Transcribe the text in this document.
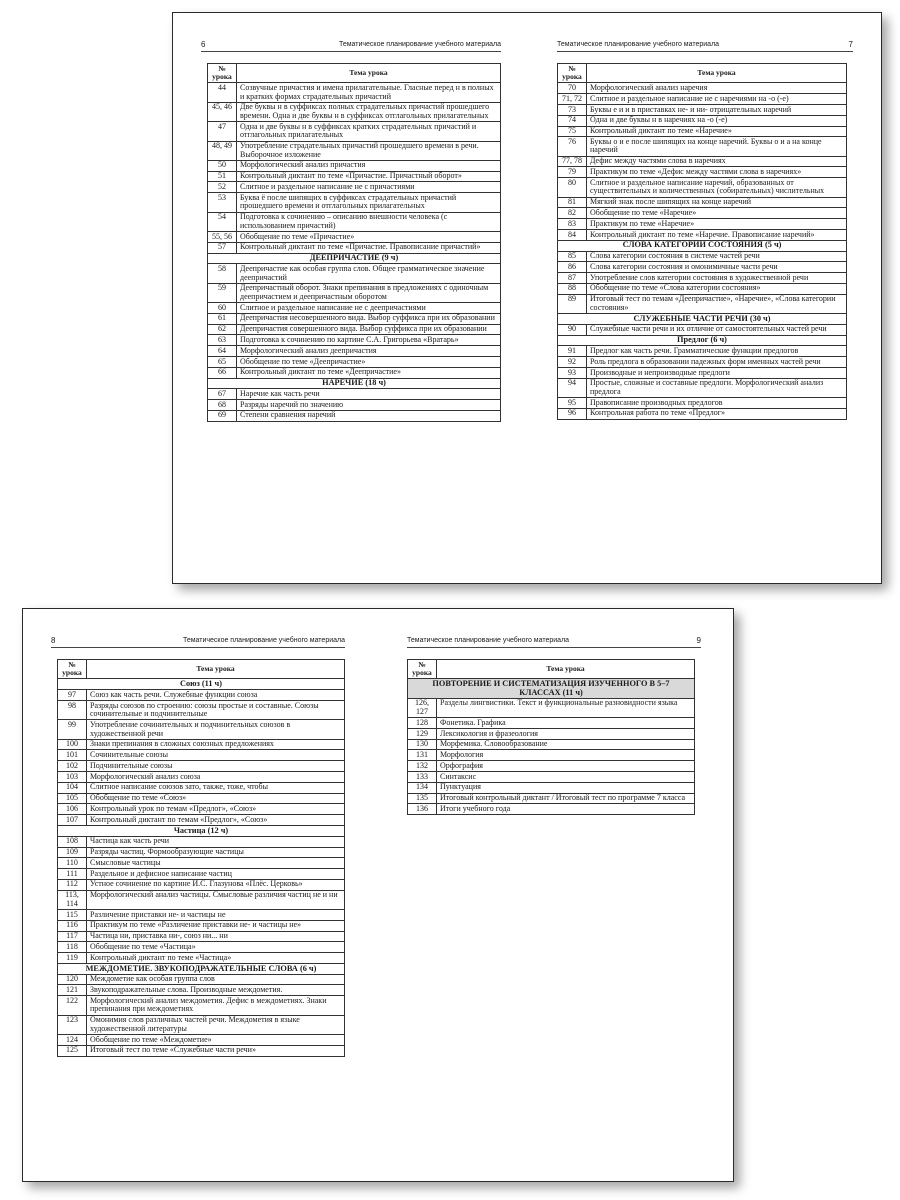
6	Тематическое планирование учебного материала
№ урока	Тема урока
44	Созвучные причастия и имена прилагательные. Гласные перед н в полных и кратких формах страдательных причастий
45, 46	Две буквы н в суффиксах полных страдательных причастий прошедшего времени. Одна и две буквы н в суффиксах отглагольных прилагательных
47	Одна и две буквы н в суффиксах кратких страдательных причастий и отглагольных прилагательных
48, 49	Употребление страдательных причастий прошедшего времени в речи. Выборочное изложение
50	Морфологический анализ причастия
51	Контрольный диктант по теме «Причастие. Причастный оборот»
52	Слитное и раздельное написание не с причастиями
53	Буква ё после шипящих в суффиксах страдательных причастий прошедшего времени и отглагольных прилагательных
54	Подготовка к сочинению – описанию внешности человека (с использованием причастий)
55, 56	Обобщение по теме «Причастие»
57	Контрольный диктант по теме «Причастие. Правописание причастий»
ДЕЕПРИЧАСТИЕ (9 ч)	
58	Деепричастие как особая группа слов. Общее грамматическое значение деепричастий
59	Деепричастный оборот. Знаки препинания в предложениях с одиночным деепричастием и деепричастным оборотом
60	Слитное и раздельное написание не с деепричастиями
61	Деепричастия несовершенного вида. Выбор суффикса при их образовании
62	Деепричастия совершенного вида. Выбор суффикса при их образовании
63	Подготовка к сочинению по картине С.А. Григорьева «Вратарь»
64	Морфологический анализ деепричастия
65	Обобщение по теме «Деепричастие»
66	Контрольный диктант по теме «Деепричастие»
НАРЕЧИЕ (18 ч)	
67	Наречие как часть речи
68	Разряды наречий по значению
69	Степени сравнения наречий
7
Тематическое планирование учебного материала
№ урока	Тема урока
70	Морфологический анализ наречия
71, 72	Слитное и раздельное написание не с наречиями на -о (-е)
73	Буквы е и и в приставках не- и ни- отрицательных наречий
74	Одна и две буквы н в наречиях на -о (-е)
75	Контрольный диктант по теме «Наречие»
76	Буквы о и е после шипящих на конце наречий. Буквы о и а на конце наречий
77, 78	Дефис между частями слова в наречиях
79	Практикум по теме «Дефис между частями слова в наречиях»
80	Слитное и раздельное написание наречий, образованных от существительных и количественных (собирательных) числительных
81	Мягкий знак после шипящих на конце наречий
82	Обобщение по теме «Наречие»
83	Практикум по теме «Наречие»
84	Контрольный диктант по теме «Наречие. Правописание наречий»
СЛОВА КАТЕГОРИИ СОСТОЯНИЯ (5 ч)	
85	Слова категории состояния в системе частей речи
86	Слова категории состояния и омонимичные части речи
87	Употребление слов категории состояния в художественной речи
88	Обобщение по теме «Слова категории состояния»
89	Итоговый тест по темам «Деепричастие», «Наречие», «Слова категории состояния»
СЛУЖЕБНЫЕ ЧАСТИ РЕЧИ (30 ч)	
90	Служебные части речи и их отличие от самостоятельных частей речи
Предлог (6 ч)	
91	Предлог как часть речи. Грамматические функции предлогов
92	Роль предлога в образовании падежных форм именных частей речи
93	Производные и непроизводные предлоги
94	Простые, сложные и составные предлоги. Морфологический анализ предлога
95	Правописание производных предлогов
96	Контрольная работа по теме «Предлог»
8	Тематическое планирование учебного материала
№ урока	Тема урока
Союз (11 ч)	
97	Союз как часть речи. Служебные функции союза
98	Разряды союзов по строению: союзы простые и составные. Союзы сочинительные и подчинительные
99	Употребление сочинительных и подчинительных союзов в художественной речи
100	Знаки препинания в сложных союзных предложениях
101	Сочинительные союзы
102	Подчинительные союзы
103	Морфологический анализ союза
104	Слитное написание союзов зато, также, тоже, чтобы
105	Обобщение по теме «Союз»
106	Контрольный урок по темам «Предлог», «Союз»
107	Контрольный диктант по темам «Предлог», «Союз»
Частица (12 ч)	
108	Частица как часть речи
109	Разряды частиц. Формообразующие частицы
110	Смысловые частицы
111	Раздельное и дефисное написание частиц
112	Устное сочинение по картине И.С. Глазунова «Плёс. Церковь»
113, 114	Морфологический анализ частицы. Смысловые различия частиц не и ни
115	Различение приставки не- и частицы не
116	Практикум по теме «Различение приставки не- и частицы не»
117	Частица ни, приставка ни-, союз ни... ни
118	Обобщение по теме «Частица»
119	Контрольный диктант по теме «Частица»
МЕЖДОМЕТИЕ. ЗВУКОПОДРАЖАТЕЛЬНЫЕ СЛОВА (6 ч)	
120	Междометие как особая группа слов
121	Звукоподражательные слова. Производные междометия.
122	Морфологический анализ междометия. Дефис в междометиях. Знаки препинания при междометиях
123	Омонимия слов различных частей речи. Междометия в языке художественной литературы
124	Обобщение по теме «Междометие»
125	Итоговый тест по теме «Служебные части речи»
9
Тематическое планирование учебного материала
№ урока	Тема урока
ПОВТОРЕНИЕ И СИСТЕМАТИЗАЦИЯ ИЗУЧЕННОГО В 5–7 КЛАССАХ (11 ч)	
126, 127	Разделы лингвистики. Текст и функциональные разновидности языка
128	Фонетика. Графика
129	Лексикология и фразеология
130	Морфемика. Словообразование
131	Морфология
132	Орфография
133	Синтаксис
134	Пунктуация
135	Итоговый контрольный диктант / Итоговый тест по программе 7 класса
136	Итоги учебного года
